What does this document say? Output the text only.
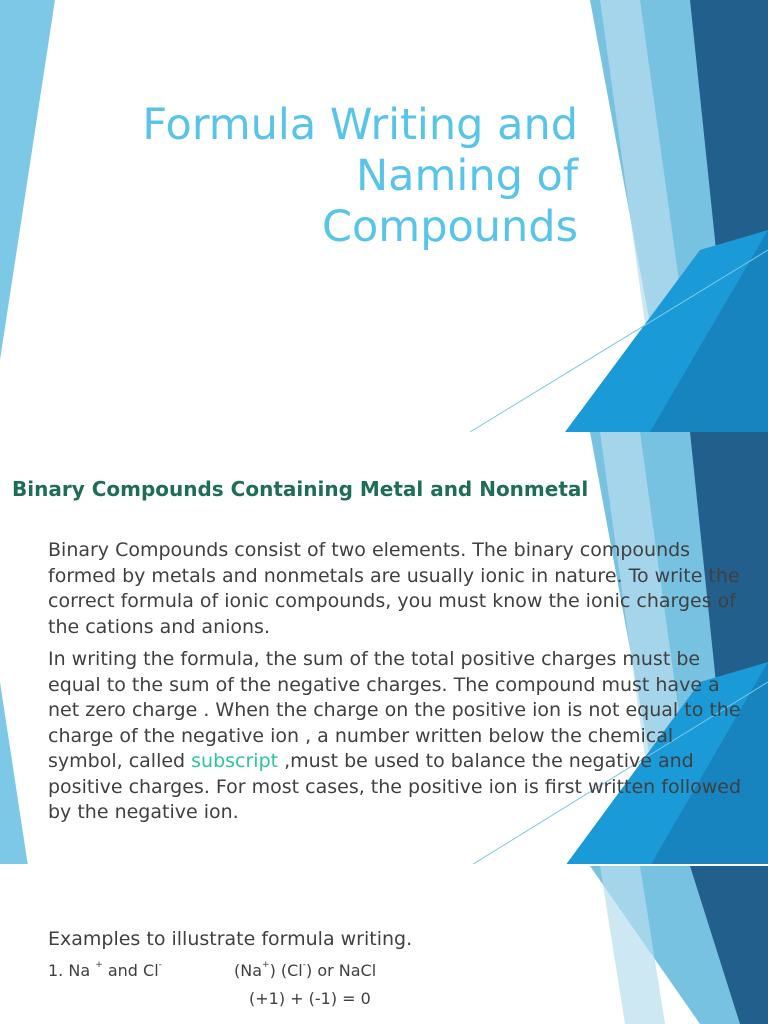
Formula Writing and
Naming of
Compounds
Binary Compounds Containing Metal and Nonmetal

Binary Compounds consist of two elements. The binary compounds formed by metals and nonmetals are usually ionic in nature. To write the correct formula of ionic compounds, you must know the ionic charges of the cations and anions.

In writing the formula, the sum of the total positive charges must be equal to the sum of the negative charges. The compound must have a net zero charge . When the charge on the positive ion is not equal to the charge of the negative ion , a number written below the chemical symbol, called subscript ,must be used to balance the negative and positive charges. For most cases, the positive ion is first written followed by the negative ion.

Examples to illustrate formula writing.
1. Na + and Cl-	(Na+) (Cl-) or NaCl
(+1) + (-1) = 0
